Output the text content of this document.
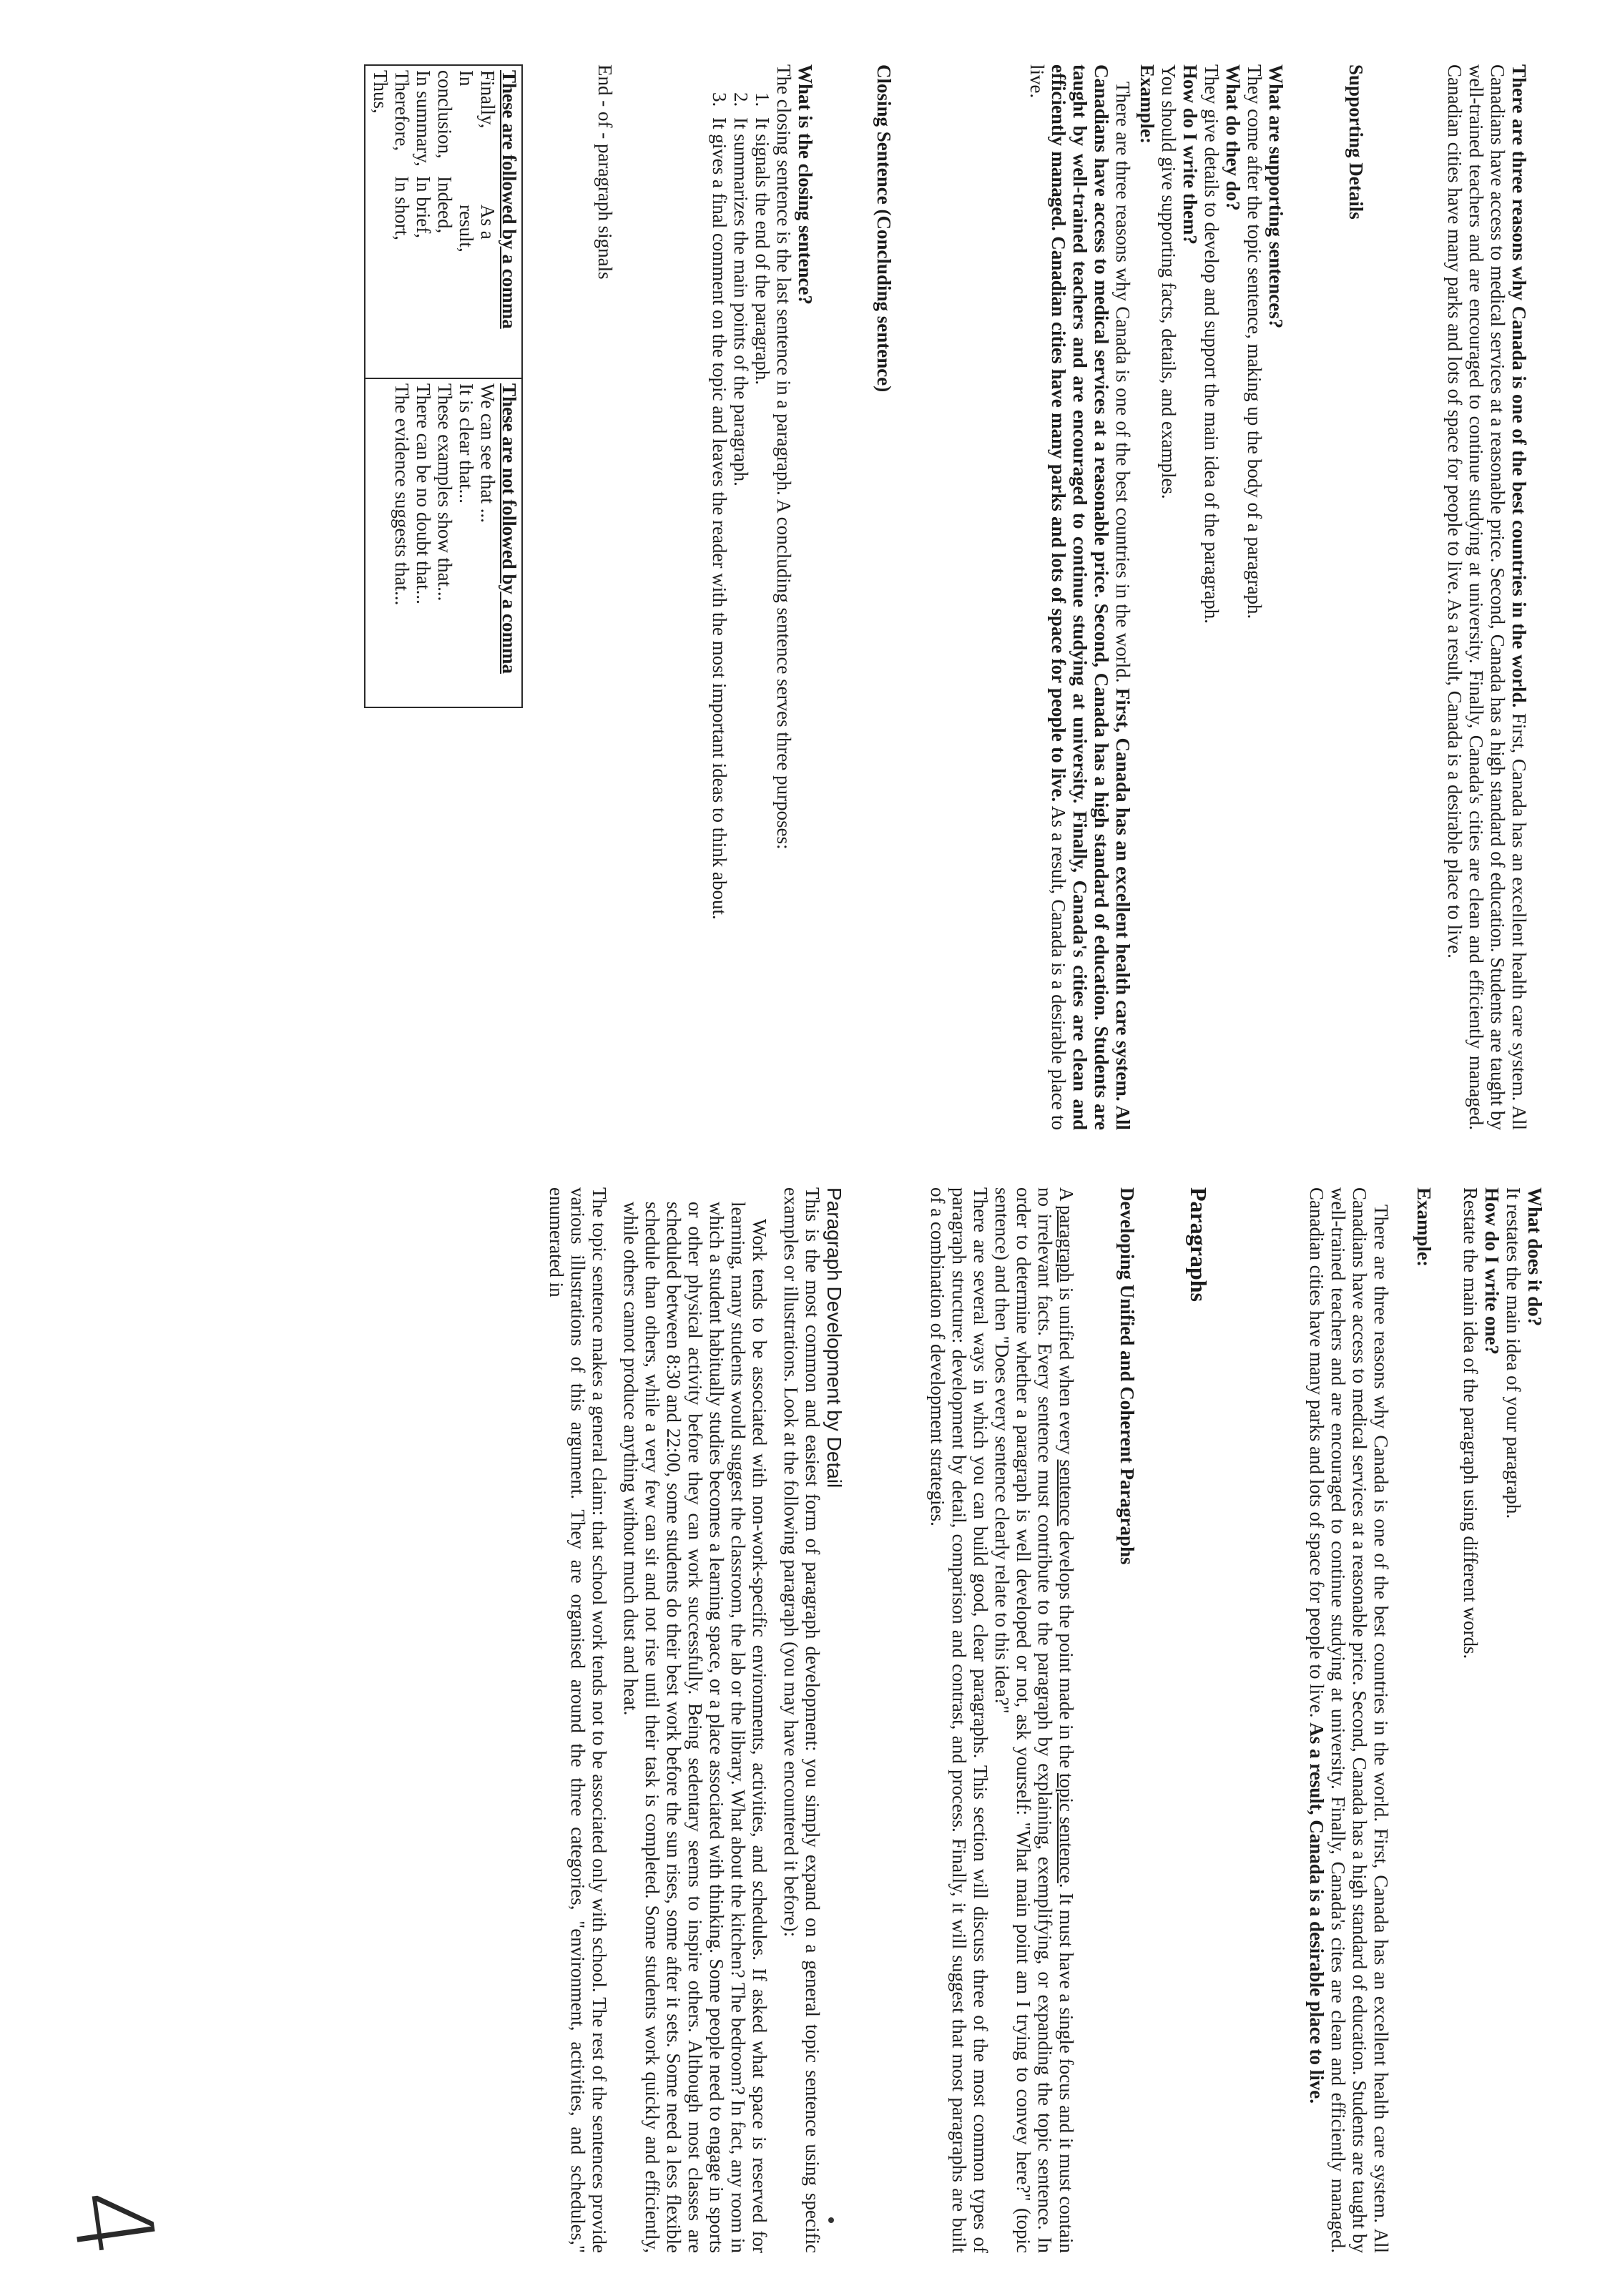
There are three reasons why Canada is one of the best countries in the world. First, Canada has an excellent health care system. All Canadians have access to medical services at a reasonable price. Second, Canada has a high standard of education. Students are taught by well-trained teachers and are encouraged to continue studying at university. Finally, Canada's cities are clean and efficiently managed. Canadian cities have many parks and lots of space for people to live. As a result, Canada is a desirable place to live.

Supporting Details

What are supporting sentences?

They come after the topic sentence, making up the body of a paragraph.

What do they do?

They give details to develop and support the main idea of the paragraph.

How do I write them?

You should give supporting facts, details, and examples.

Example:

There are three reasons why Canada is one of the best countries in the world. First, Canada has an excellent health care system. All Canadians have access to medical services at a reasonable price. Second, Canada has a high standard of education. Students are taught by well-trained teachers and are encouraged to continue studying at university. Finally, Canada's cities are clean and efficiently managed. Canadian cities have many parks and lots of space for people to live. As a result, Canada is a desirable place to live.

Closing Sentence (Concluding sentence)

What is the closing sentence?

The closing sentence is the last sentence in a paragraph. A concluding sentence serves three purposes:

1. It signals the end of the paragraph.
2. It summarizes the main points of the paragraph.
3. It gives a final comment on the topic and leaves the reader with the most important ideas to think about.

End - of - paragraph signals

These are followed by a comma
Finally,
In conclusion,
In summary,
Therefore,
Thus,
As a result,
Indeed,
In brief,
In short,

These are not followed by a comma
We can see that ...
It is clear that...
These examples show that...
There can be no doubt that...
The evidence suggests that...

What does it do?

It restates the main idea of your paragraph.

How do I write one?

Restate the main idea of the paragraph using different words.

Example:

There are three reasons why Canada is one of the best countries in the world. First, Canada has an excellent health care system. All Canadians have access to medical services at a reasonable price. Second, Canada has a high standard of education. Students are taught by well-trained teachers and are encouraged to continue studying at university. Finally, Canada's cites are clean and efficiently managed. Canadian cities have many parks and lots of space for people to live. As a result, Canada is a desirable place to live.

Paragraphs

Developing Unified and Coherent Paragraphs

A paragraph is unified when every sentence develops the point made in the topic sentence. It must have a single focus and it must contain no irrelevant facts. Every sentence must contribute to the paragraph by explaining, exemplifying, or expanding the topic sentence. In order to determine whether a paragraph is well developed or not, ask yourself: "What main point am I trying to convey here?" (topic sentence) and then "Does every sentence clearly relate to this idea?"

There are several ways in which you can build good, clear paragraphs. This section will discuss three of the most common types of paragraph structure: development by detail, comparison and contrast, and process. Finally, it will suggest that most paragraphs are built of a combination of development strategies.

Paragraph Development by Detail

This is the most common and easiest form of paragraph development: you simply expand on a general topic sentence using specific examples or illustrations. Look at the following paragraph (you may have encountered it before):

Work tends to be associated with non-work-specific environments, activities, and schedules. If asked what space is reserved for learning, many students would suggest the classroom, the lab or the library. What about the kitchen? The bedroom? In fact, any room in which a student habitually studies becomes a learning space, or a place associated with thinking. Some people need to engage in sports or other physical activity before they can work successfully. Being sedentary seems to inspire others. Although most classes are scheduled between 8:30 and 22:00, some students do their best work before the sun rises, some after it sets. Some need a less flexible schedule than others, while a very few can sit and not rise until their task is completed. Some students work quickly and efficiently, while others cannot produce anything without much dust and heat.

The topic sentence makes a general claim: that school work tends not to be associated only with school. The rest of the sentences provide various illustrations of this argument. They are organised around the three categories, "environment, activities, and schedules," enumerated in

4
